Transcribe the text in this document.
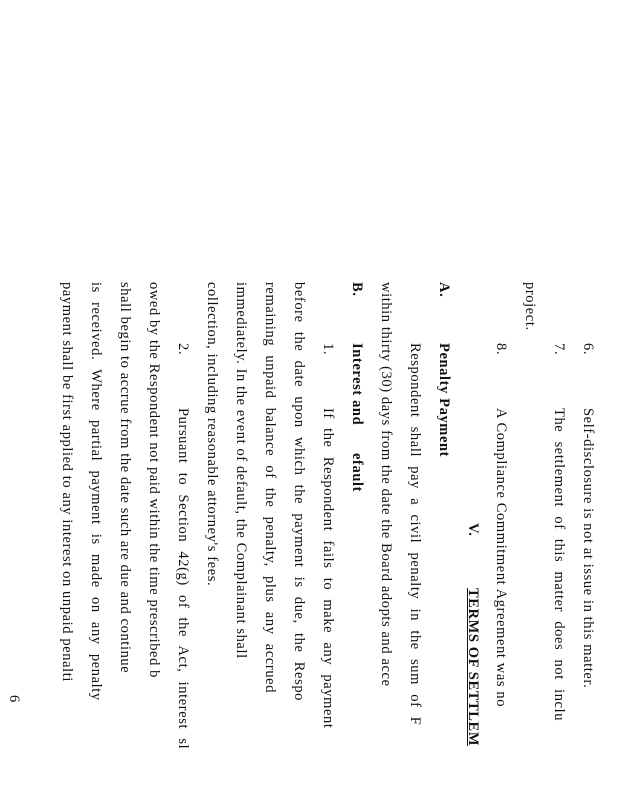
6.
Self-disclosure is not at issue in this matter.
7.
The settlement of this matter does not inclu
project.
8.
A Compliance Commitment Agreement was no
V.
TERMS OF SETTLEM
A.
Penalty Payment
Respondent shall pay a civil penalty in the sum of F
within thirty (30) days from the date the Board adopts and acce
B.
Interest and
efault
1.
If the Respondent fails to make any payment
before the date upon which the payment is due, the Respo
remaining unpaid balance of the penalty, plus any accrued
immediately. In the event of default, the Complainant shall
collection, including reasonable attorney's fees.
2.
Pursuant to Section 42(g) of the Act, interest sl
owed by the Respondent not paid within the time prescribed b
shall begin to accrue from the date such are due and continue
is received. Where partial payment is made on any penalty
payment shall be first applied to any interest on unpaid penalti
6
